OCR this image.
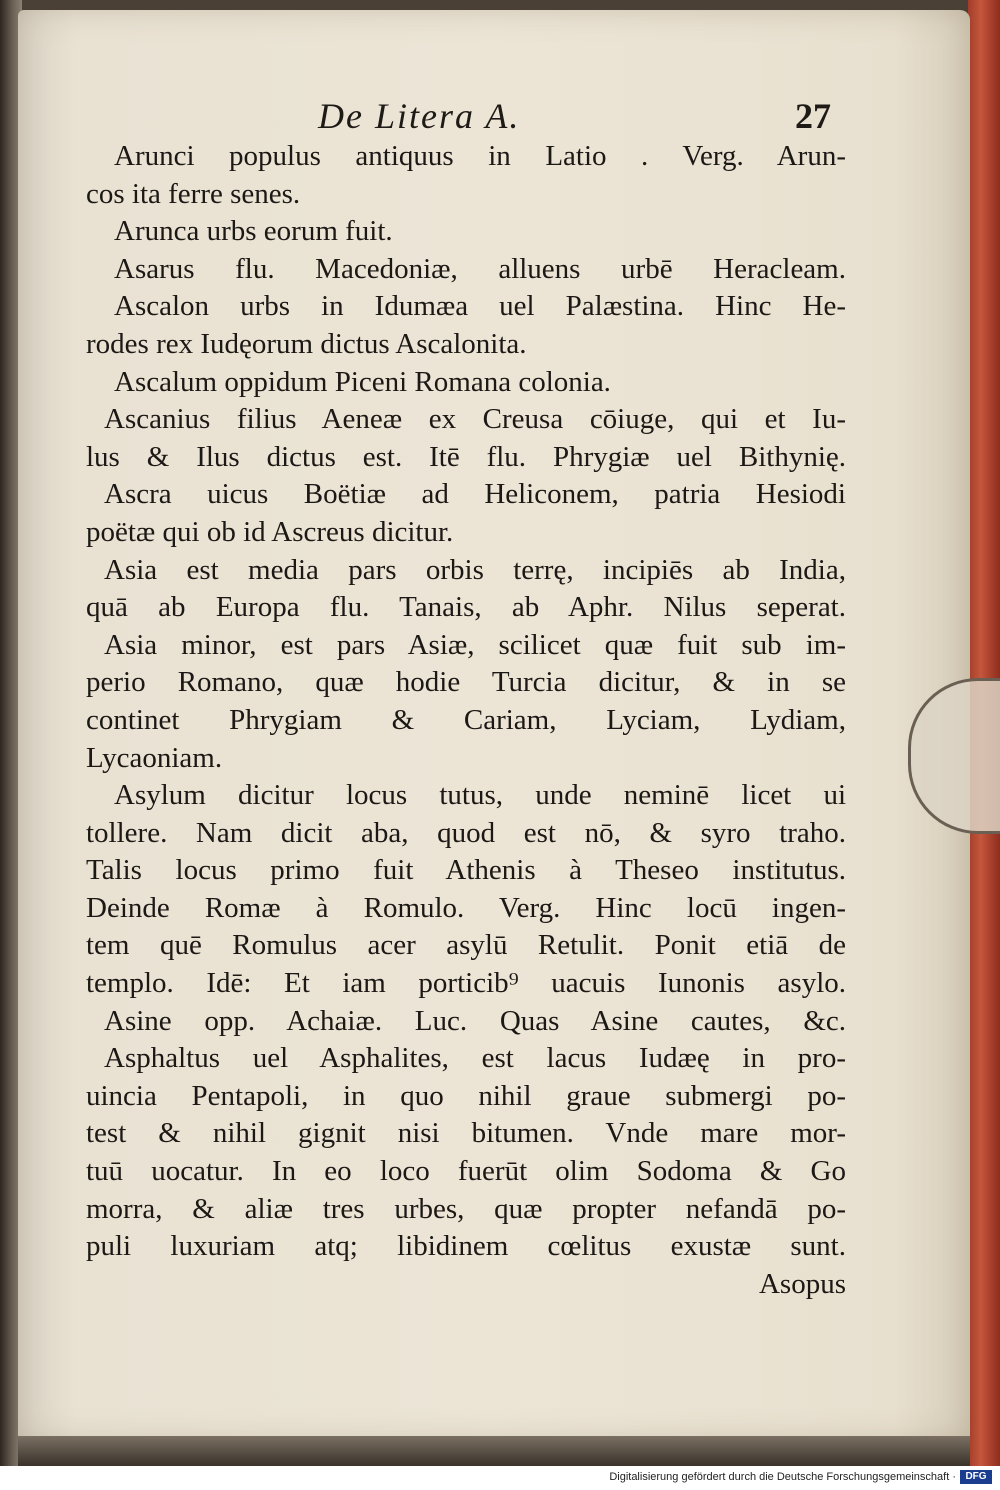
De Litera A.	27
Arunci populus antiquus in Latio . Verg. Arun-
cos ita ferre senes.
Arunca urbs eorum fuit.
Asarus flu. Macedoniæ, alluens urbē Heracleam.
Ascalon urbs in Idumæa uel Palæstina. Hinc He-
rodes rex Iudęorum dictus Ascalonita.
Ascalum oppidum Piceni Romana colonia.
Ascanius filius Aeneæ ex Creusa cōiuge, qui et Iu-
lus & Ilus dictus est. Itē flu. Phrygiæ uel Bithynię.
Ascra uicus Boëtiæ ad Heliconem, patria Hesiodi
poëtæ qui ob id Ascreus dicitur.
Asia est media pars orbis terrę, incipiēs ab India,
quā ab Europa flu. Tanais, ab Aphr. Nilus seperat.
Asia minor, est pars Asiæ, scilicet quæ fuit sub im-
perio Romano, quæ hodie Turcia dicitur, & in se
continet Phrygiam & Cariam, Lyciam, Lydiam,
Lycaoniam.
Asylum dicitur locus tutus, unde neminē licet ui
tollere. Nam dicit aba, quod est nō, & syro traho.
Talis locus primo fuit Athenis à Theseo institutus.
Deinde Romæ à Romulo. Verg. Hinc locū ingen-
tem quē Romulus acer asylū Retulit. Ponit etiā de
templo. Idē: Et iam porticib⁹ uacuis Iunonis asylo.
Asine opp. Achaiæ. Luc. Quas Asine cautes, &c.
Asphaltus uel Asphalites, est lacus Iudæę in pro-
uincia Pentapoli, in quo nihil graue submergi po-
test & nihil gignit nisi bitumen. Vnde mare mor-
tuū uocatur. In eo loco fuerūt olim Sodoma & Go
morra, & aliæ tres urbes, quæ propter nefandā po-
puli luxuriam atq; libidinem cœlitus exustæ sunt.
Asopus
Digitalisierung gefördert durch die Deutsche Forschungsgemeinschaft · DFG
